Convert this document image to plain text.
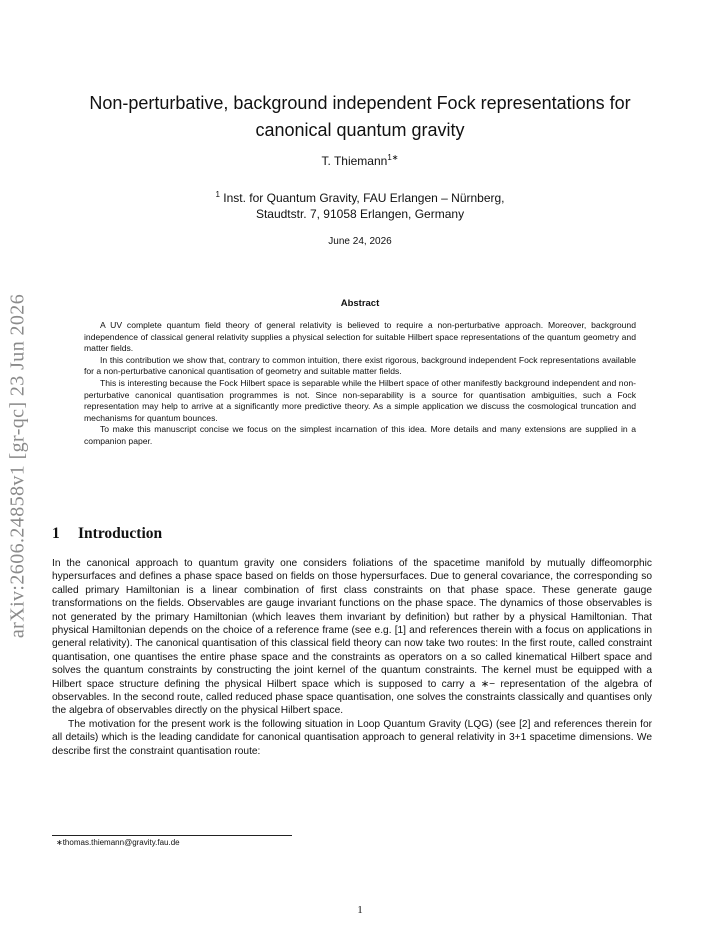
arXiv:2606.24858v1 [gr-qc] 23 Jun 2026
Non-perturbative, background independent Fock representations for
canonical quantum gravity
T. Thiemann$^{1∗}$
$^1$ Inst. for Quantum Gravity, FAU Erlangen – Nürnberg,
Staudtstr. 7, 91058 Erlangen, Germany
June 24, 2026
Abstract

A UV complete quantum field theory of general relativity is believed to require a non-perturbative approach. Moreover, background independence of classical general relativity supplies a physical selection for suitable Hilbert space representations of the quantum geometry and matter fields.

In this contribution we show that, contrary to common intuition, there exist rigorous, background independent Fock representations available for a non-perturbative canonical quantisation of geometry and suitable matter fields.

This is interesting because the Fock Hilbert space is separable while the Hilbert space of other manifestly background independent and non-perturbative canonical quantisation programmes is not. Since non-separability is a source for quantisation ambiguities, such a Fock representation may help to arrive at a significantly more predictive theory. As a simple application we discuss the cosmological truncation and mechanisms for quantum bounces.

To make this manuscript concise we focus on the simplest incarnation of this idea. More details and many extensions are supplied in a companion paper.

1 Introduction

In the canonical approach to quantum gravity one considers foliations of the spacetime manifold by mutually diffeomorphic hypersurfaces and defines a phase space based on fields on those hypersurfaces. Due to general covariance, the corresponding so called primary Hamiltonian is a linear combination of first class constraints on that phase space. These generate gauge transformations on the fields. Observables are gauge invariant functions on the phase space. The dynamics of those observables is not generated by the primary Hamiltonian (which leaves them invariant by definition) but rather by a physical Hamiltonian. That physical Hamiltonian depends on the choice of a reference frame (see e.g. [1] and references therein with a focus on applications in general relativity). The canonical quantisation of this classical field theory can now take two routes: In the first route, called constraint quantisation, one quantises the entire phase space and the constraints as operators on a so called kinematical Hilbert space and solves the quantum constraints by constructing the joint kernel of the quantum constraints. The kernel must be equipped with a Hilbert space structure defining the physical Hilbert space which is supposed to carry a ∗− representation of the algebra of observables. In the second route, called reduced phase space quantisation, one solves the constraints classically and quantises only the algebra of observables directly on the physical Hilbert space.

The motivation for the present work is the following situation in Loop Quantum Gravity (LQG) (see [2] and references therein for all details) which is the leading candidate for canonical quantisation approach to general relativity in 3+1 spacetime dimensions. We describe first the constraint quantisation route:

∗thomas.thiemann@gravity.fau.de
1
